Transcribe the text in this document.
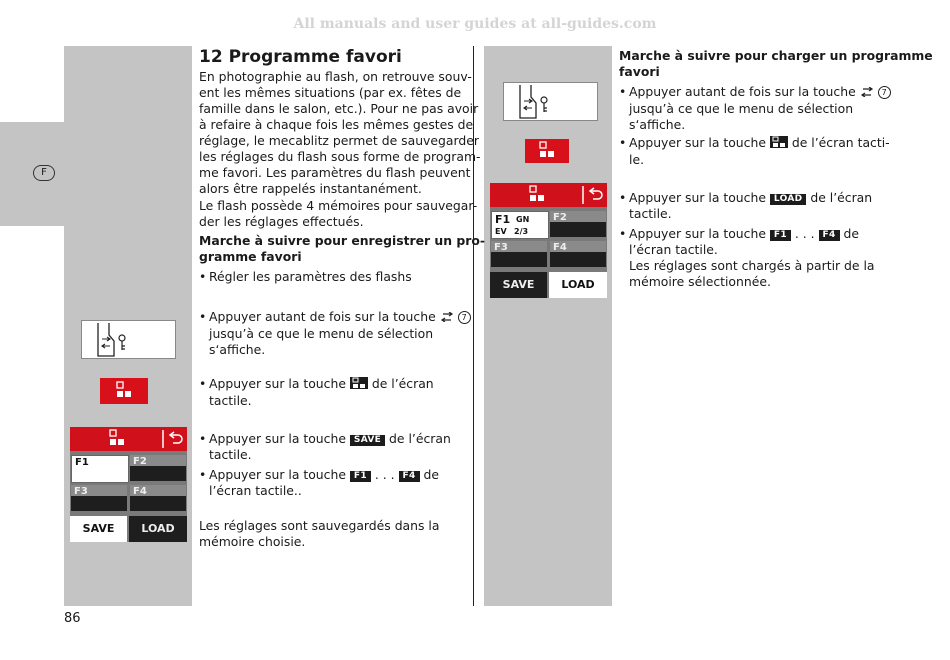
All manuals and user guides at all-guides.com
F
12 Programme favori
En photographie au flash, on retrouve souv-
ent les mêmes situations (par ex. fêtes de
famille dans le salon, etc.). Pour ne pas avoir
à refaire à chaque fois les mêmes gestes de
réglage, le mecablitz permet de sauvegarder
les réglages du flash sous forme de program-
me favori. Les paramètres du flash peuvent
alors être rappelés instantanément.
Le flash possède 4 mémoires pour sauvegar-
der les réglages effectués.
Marche à suivre pour enregistrer un pro-
gramme favori
• Régler les paramètres des flashs
• Appuyer autant de fois sur la touche	7
jusqu’à ce que le menu de sélection
s‘affiche.
• Appuyer sur la touche de l’écran
tactile.
• Appuyer sur la touche SAVE de l’écran
tactile.
• Appuyer sur la touche F1 . . . F4 de
l’écran tactile..
Les réglages sont sauvegardés dans la
mémoire choisie.
Marche à suivre pour charger un programme
favori
• Appuyer autant de fois sur la touche	7
jusqu’à ce que le menu de sélection
s‘affiche.
• Appuyer sur la touche de l’écran tacti-
le.
• Appuyer sur la touche LOAD de l’écran
tactile.
• Appuyer sur la touche F1 . . . F4 de
l’écran tactile.
Les réglages sont chargés à partir de la
mémoire sélectionnée.
F1	F2
F3	F4
SAVE	LOAD
F1 GN
EV 2/3
F2
F3	F4
SAVE	LOAD
86
